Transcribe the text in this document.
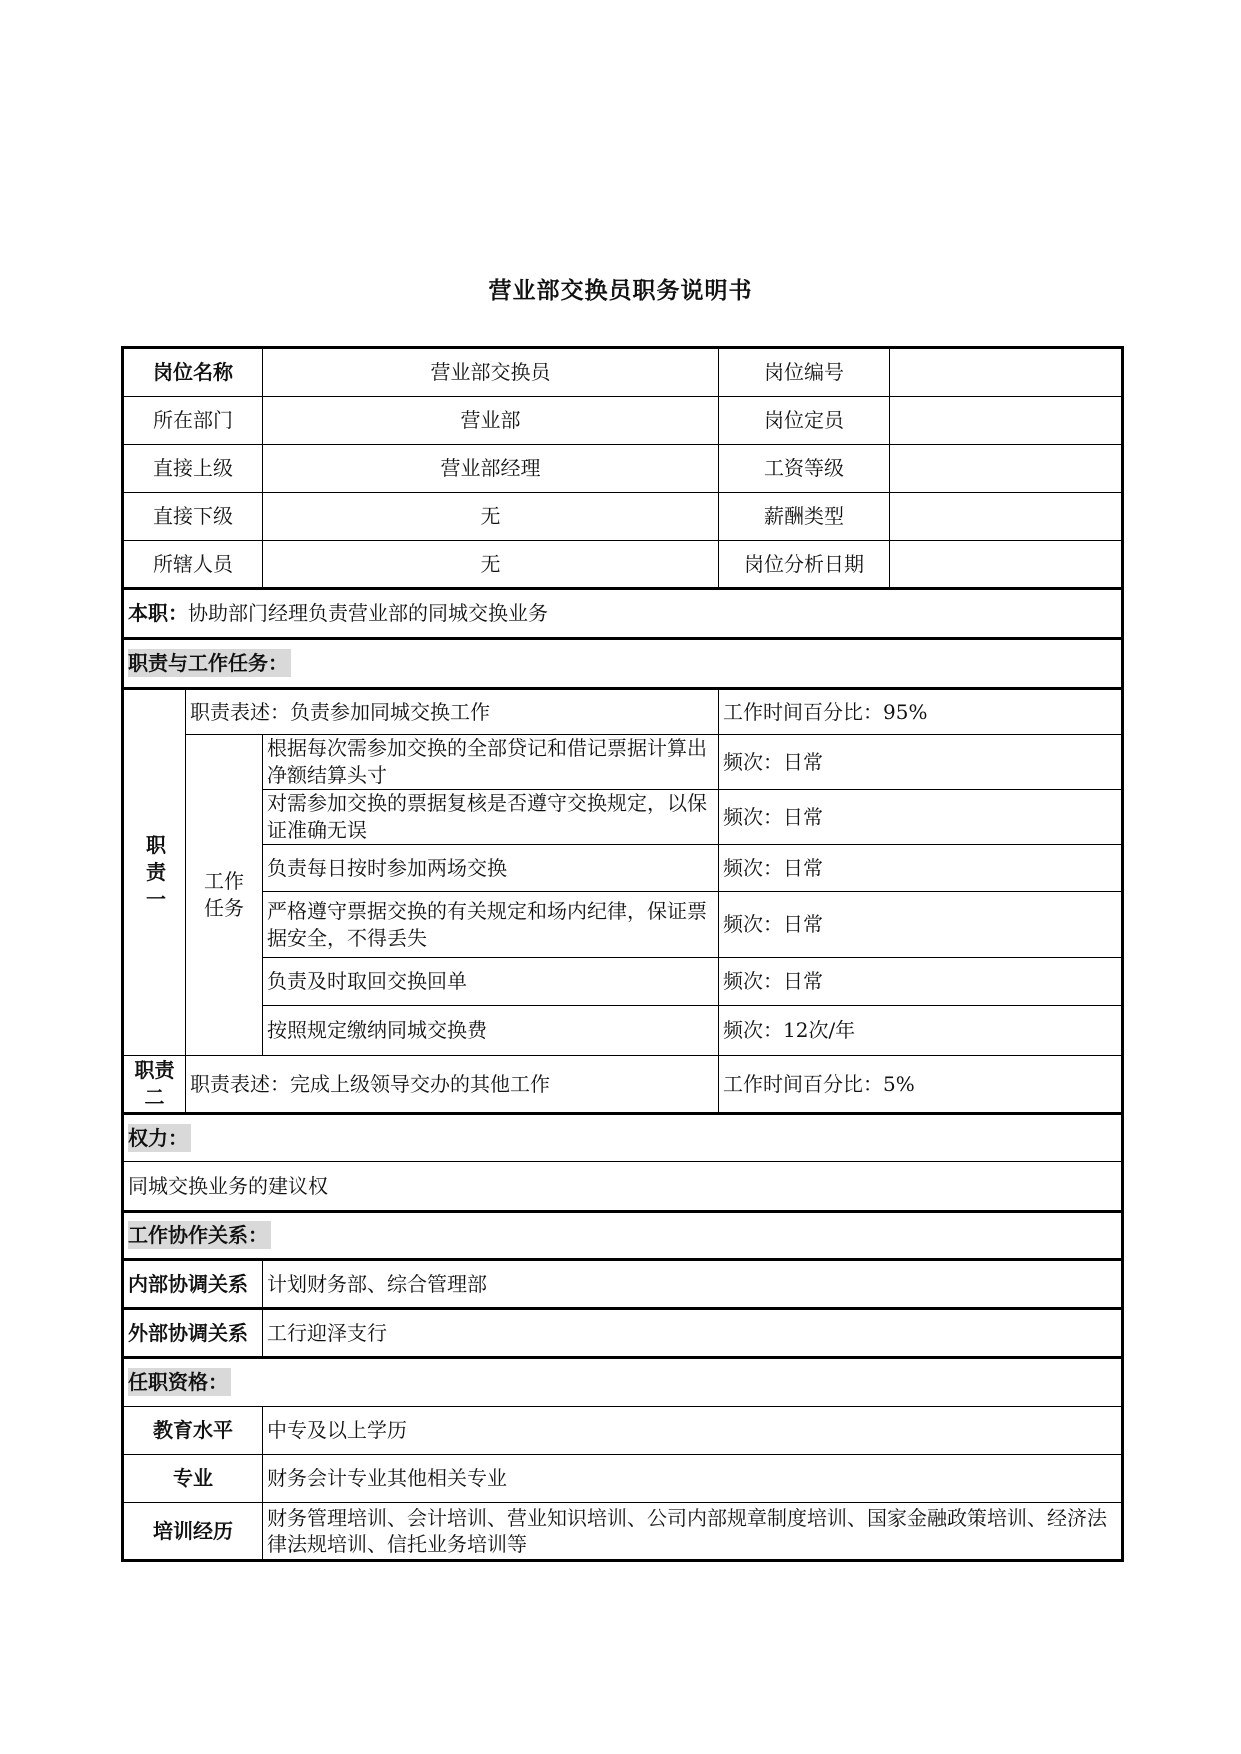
营业部交换员职务说明书
岗位名称		营业部交换员	岗位编号	
所在部门		营业部	岗位定员	
直接上级		营业部经理	工资等级	
直接下级		无	薪酬类型	
所辖人员		无	岗位分析日期	
本职：协助部门经理负责营业部的同城交换业务				
职责与工作任务：				
职责一	职责表述：负责参加同城交换工作		工作时间百分比：95%	
	工作任务	根据每次需参加交换的全部贷记和借记票据计算出净额结算头寸	频次：日常	
		对需参加交换的票据复核是否遵守交换规定，以保证准确无误	频次：日常	
		负责每日按时参加两场交换	频次：日常	
		严格遵守票据交换的有关规定和场内纪律，保证票据安全，不得丢失	频次：日常	
		负责及时取回交换回单	频次：日常	
		按照规定缴纳同城交换费	频次：12次/年	
职责二	职责表述：完成上级领导交办的其他工作		工作时间百分比：5%	
权力：				
同城交换业务的建议权				
工作协作关系：				
内部协调关系		计划财务部、综合管理部		
外部协调关系		工行迎泽支行		
任职资格：				
教育水平		中专及以上学历		
专业		财务会计专业其他相关专业		
培训经历		财务管理培训、会计培训、营业知识培训、公司内部规章制度培训、国家金融政策培训、经济法律法规培训、信托业务培训等		
